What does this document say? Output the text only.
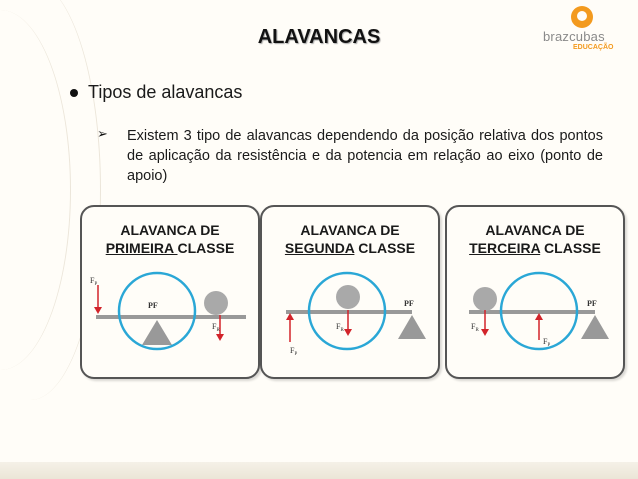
ALAVANCAS	brazcubas
EDUCAÇÃO
Tipos de alavancas
➢ Existem 3 tipo de alavancas dependendo da posição relativa dos pontos de aplicação da resistência e da potencia em relação ao eixo (ponto de apoio)
ALAVANCA DE
PRIMEIRA CLASSE
$F_P$
PF
$F_R$
ALAVANCA DE
SEGUNDA CLASSE
PF
$F_R$
$F_P$
ALAVANCA DE
TERCEIRA CLASSE
PF
$F_R$
$F_P$
